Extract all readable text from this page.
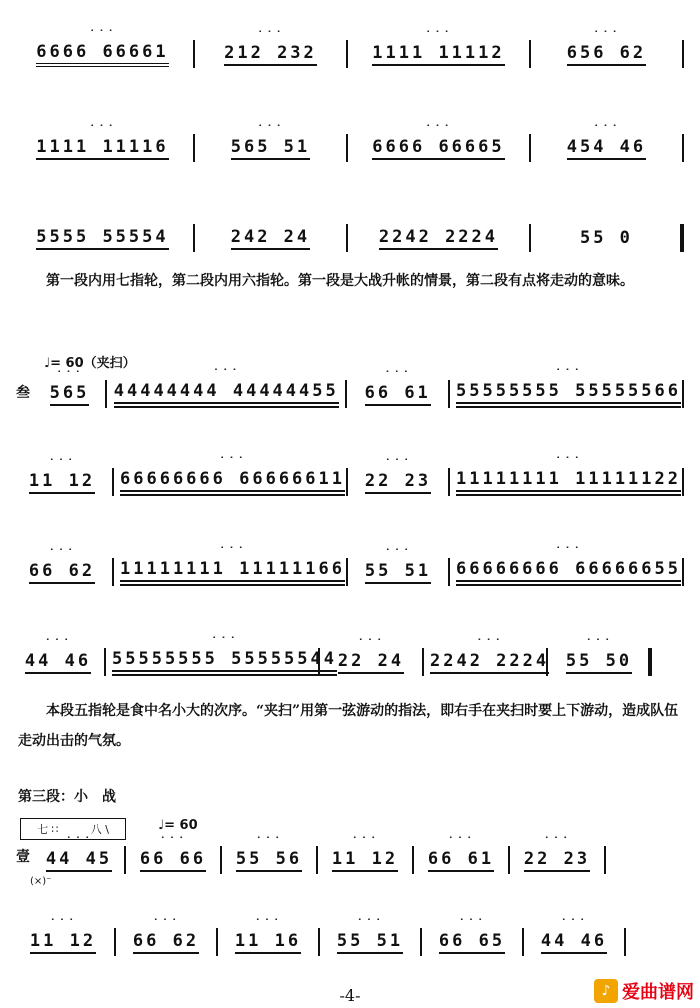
˙˙˙ 6666 66661	˙˙˙ 212 232	˙˙˙ 1111 11112	˙˙˙ 656 62
˙˙˙ 1111 11116	˙˙˙ 565 51	˙˙˙ 6666 66665	˙˙˙ 454 46
5555 55554	242 24	2242 2224	55 0

第一段内用七指轮，第二段内用六指轮。第一段是大战升帐的情景，第二段有点将走动的意味。

♩= 60（夹扫）
叁 ˙˙˙ 565 ˙˙˙ 44444444 44444455 ˙˙˙ 66 61 ˙˙˙ 55555555 55555566
˙˙˙ 11 12 ˙˙˙ 66666666 66666611 ˙˙˙ 22 23 ˙˙˙ 11111111 11111122
˙˙˙ 66 62 ˙˙˙ 11111111 11111166 ˙˙˙ 55 51 ˙˙˙ 66666666 66666655
˙˙˙ 44 46 ˙˙˙ 55555555 55555544 ˙˙˙ 22 24 ˙˙˙ 2242 2224 ˙˙˙ 55 50

本段五指轮是食中名小大的次序。“夹扫”用第一弦游动的指法，即右手在夹扫时要上下游动，造成队伍走动出击的气氛。

第三段：小　战
七 ∷	八 \	♩= 60
壹
(×)⁻
˙˙˙ 44 45 ˙˙˙ 66 66 ˙˙˙ 55 56 ˙˙˙ 11 12 ˙˙˙ 66 61 ˙˙˙ 22 23
˙˙˙ 11 12 ˙˙˙ 66 62 ˙˙˙ 11 16 ˙˙˙ 55 51 ˙˙˙ 66 65 ˙˙˙ 44 46
-4-	♪ 爱曲谱网
